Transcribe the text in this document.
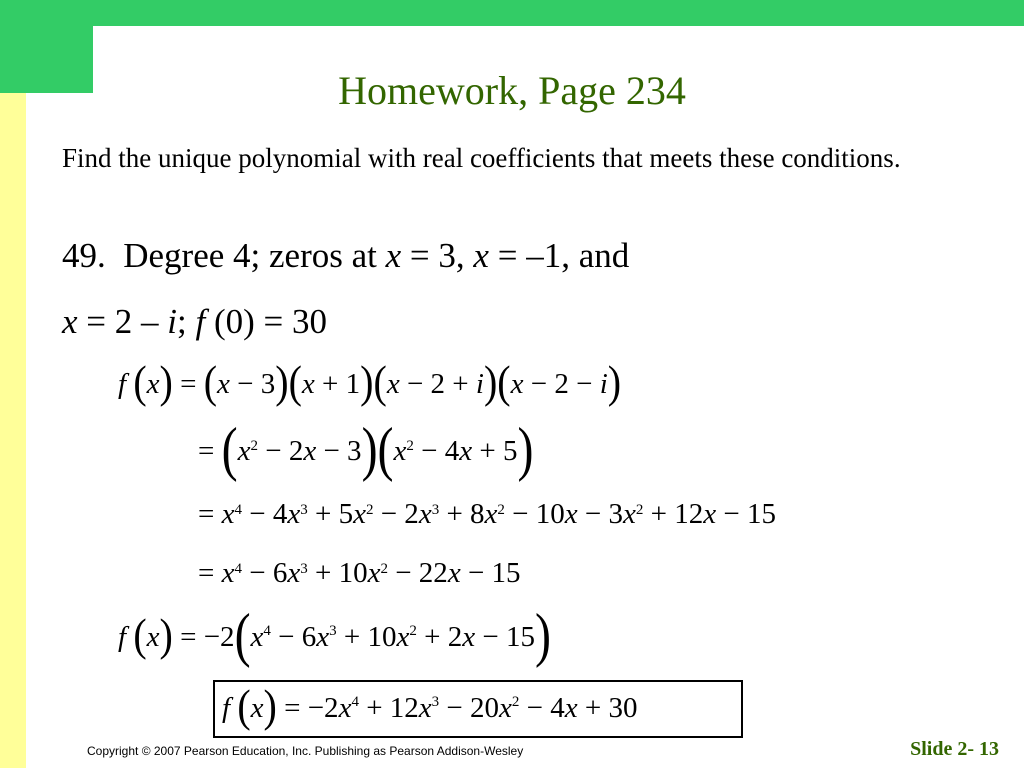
Homework, Page 234
Find the unique polynomial with real coefficients that meets these conditions.
49. Degree 4; zeros at x = 3, x = –1, and
x = 2 – i; f (0) = 30
f (x) = (x − 3)(x + 1)(x − 2 + i)(x − 2 − i)
= $(x^2 - 2x - 3)(x^2 - 4x + 5)$
= $x^4 - 4x^3 + 5x^2 - 2x^3 + 8x^2 - 10x - 3x^2 + 12x - 15$
= $x^4 - 6x^3 + 10x^2 - 22x - 15$
f $(x) = -2(x^4 - 6x^3 + 10x^2 + 2x - 15)$
f $(x) = -2x^4 + 12x^3 - 20x^2 - 4x + 30$
Copyright © 2007 Pearson Education, Inc. Publishing as Pearson Addison-Wesley	Slide 2- 13
